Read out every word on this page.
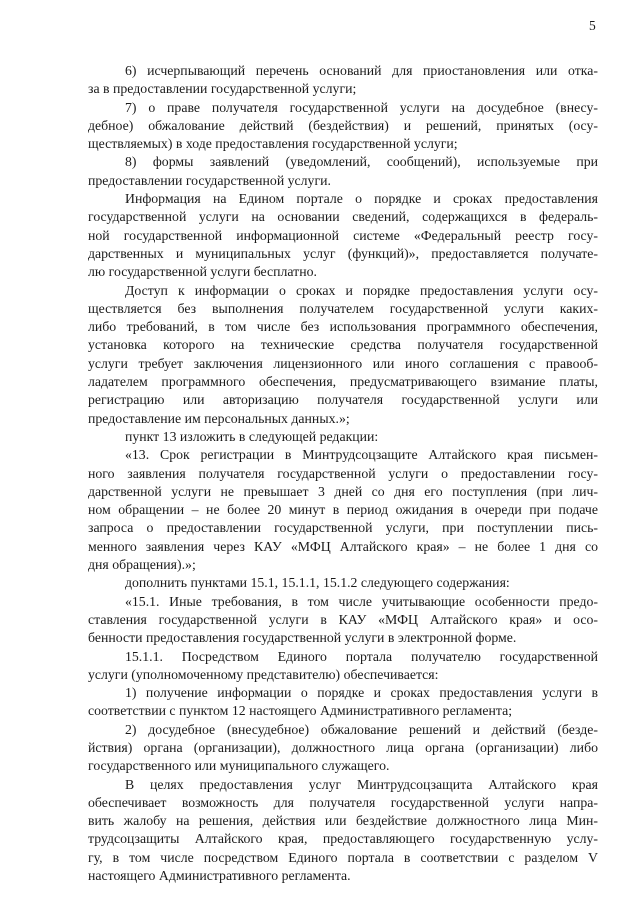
5
6) исчерпывающий перечень оснований для приостановления или отка-
за в предоставлении государственной услуги;
7) о праве получателя государственной услуги на досудебное (внесу-
дебное) обжалование действий (бездействия) и решений, принятых (осу-
ществляемых) в ходе предоставления государственной услуги;
8) формы заявлений (уведомлений, сообщений), используемые при
предоставлении государственной услуги.
Информация на Едином портале о порядке и сроках предоставления
государственной услуги на основании сведений, содержащихся в федераль-
ной государственной информационной системе «Федеральный реестр госу-
дарственных и муниципальных услуг (функций)», предоставляется получате-
лю государственной услуги бесплатно.
Доступ к информации о сроках и порядке предоставления услуги осу-
ществляется без выполнения получателем государственной услуги каких-
либо требований, в том числе без использования программного обеспечения,
установка которого на технические средства получателя государственной
услуги требует заключения лицензионного или иного соглашения с правооб-
ладателем программного обеспечения, предусматривающего взимание платы,
регистрацию или авторизацию получателя государственной услуги или
предоставление им персональных данных.»;
пункт 13 изложить в следующей редакции:
«13. Срок регистрации в Минтрудсоцзащите Алтайского края письмен-
ного заявления получателя государственной услуги о предоставлении госу-
дарственной услуги не превышает 3 дней со дня его поступления (при лич-
ном обращении – не более 20 минут в период ожидания в очереди при подаче
запроса о предоставлении государственной услуги, при поступлении пись-
менного заявления через КАУ «МФЦ Алтайского края» – не более 1 дня со
дня обращения).»;
дополнить пунктами 15.1, 15.1.1, 15.1.2 следующего содержания:
«15.1. Иные требования, в том числе учитывающие особенности предо-
ставления государственной услуги в КАУ «МФЦ Алтайского края» и осо-
бенности предоставления государственной услуги в электронной форме.
15.1.1. Посредством Единого портала получателю государственной
услуги (уполномоченному представителю) обеспечивается:
1) получение информации о порядке и сроках предоставления услуги в
соответствии с пунктом 12 настоящего Административного регламента;
2) досудебное (внесудебное) обжалование решений и действий (безде-
йствия) органа (организации), должностного лица органа (организации) либо
государственного или муниципального служащего.
В целях предоставления услуг Минтрудсоцзащита Алтайского края
обеспечивает возможность для получателя государственной услуги напра-
вить жалобу на решения, действия или бездействие должностного лица Мин-
трудсоцзащиты Алтайского края, предоставляющего государственную услу-
гу, в том числе посредством Единого портала в соответствии с разделом V
настоящего Административного регламента.
